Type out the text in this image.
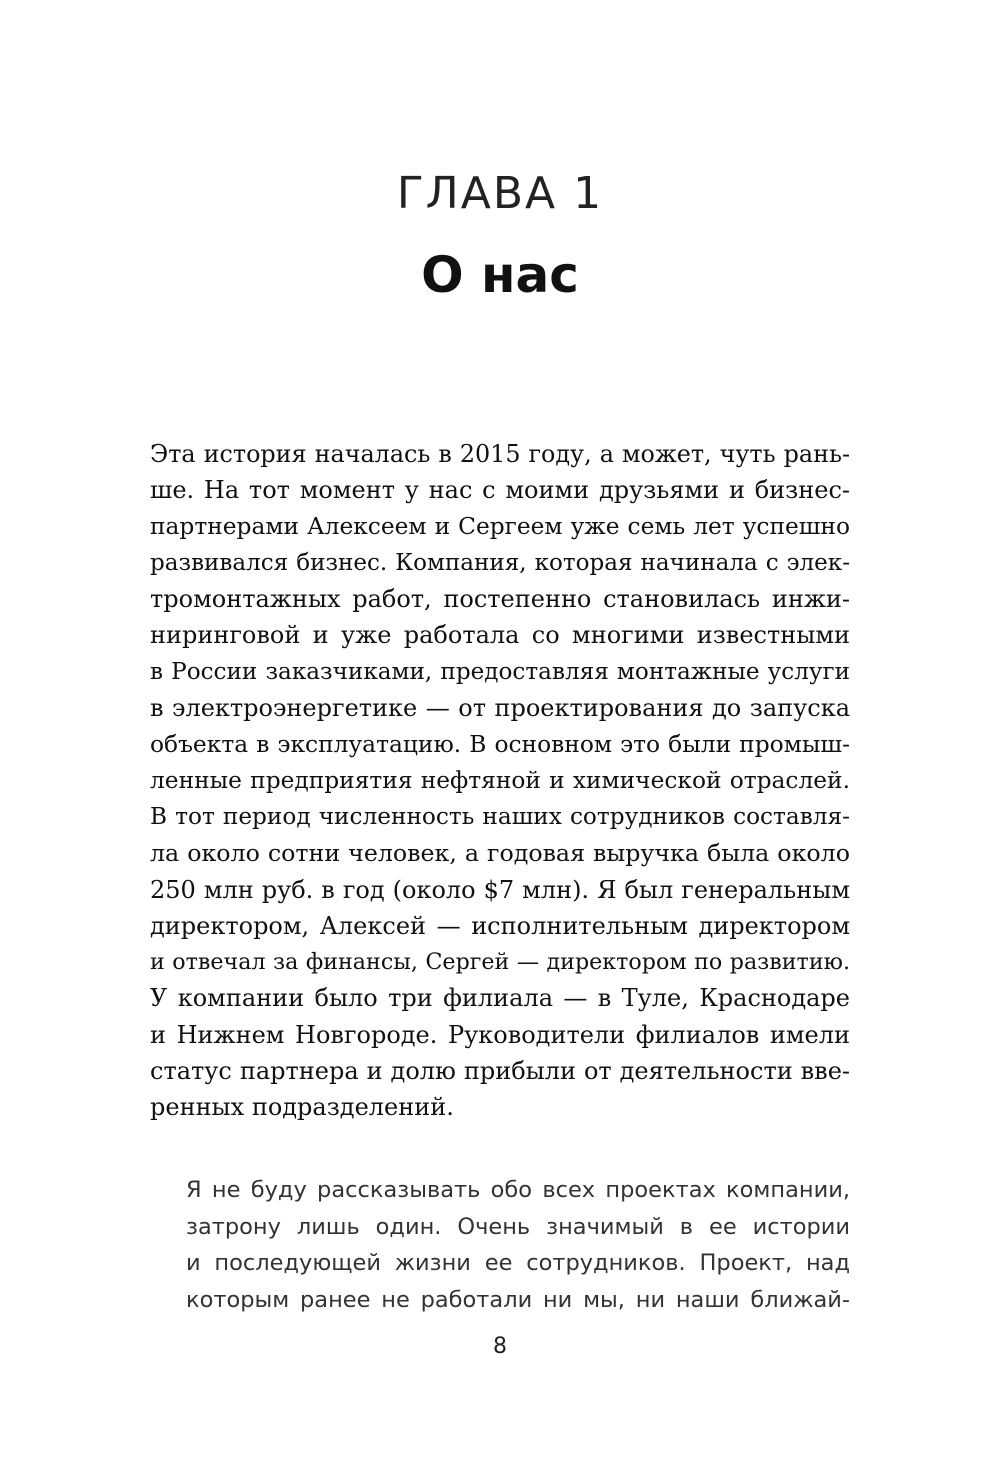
ГЛАВА 1
О нас
Эта история началась в 2015 году, а может, чуть рань-
ше. На тот момент у нас с моими друзьями и бизнес-
партнерами Алексеем и Сергеем уже семь лет успешно
развивался бизнес. Компания, которая начинала с элек-
тромонтажных работ, постепенно становилась инжи-
ниринговой и уже работала со многими известными
в России заказчиками, предоставляя монтажные услуги
в электроэнергетике — от проектирования до запуска
объекта в эксплуатацию. В основном это были промыш-
ленные предприятия нефтяной и химической отраслей.
В тот период численность наших сотрудников составля-
ла около сотни человек, а годовая выручка была около
250 млн руб. в год (около $7 млн). Я был генеральным
директором, Алексей — исполнительным директором
и отвечал за финансы, Сергей — директором по развитию.
У компании было три филиала — в Туле, Краснодаре
и Нижнем Новгороде. Руководители филиалов имели
статус партнера и долю прибыли от деятельности вве-
ренных подразделений.
Я не буду рассказывать обо всех проектах компании,
затрону лишь один. Очень значимый в ее истории
и последующей жизни ее сотрудников. Проект, над
которым ранее не работали ни мы, ни наши ближай-
8
